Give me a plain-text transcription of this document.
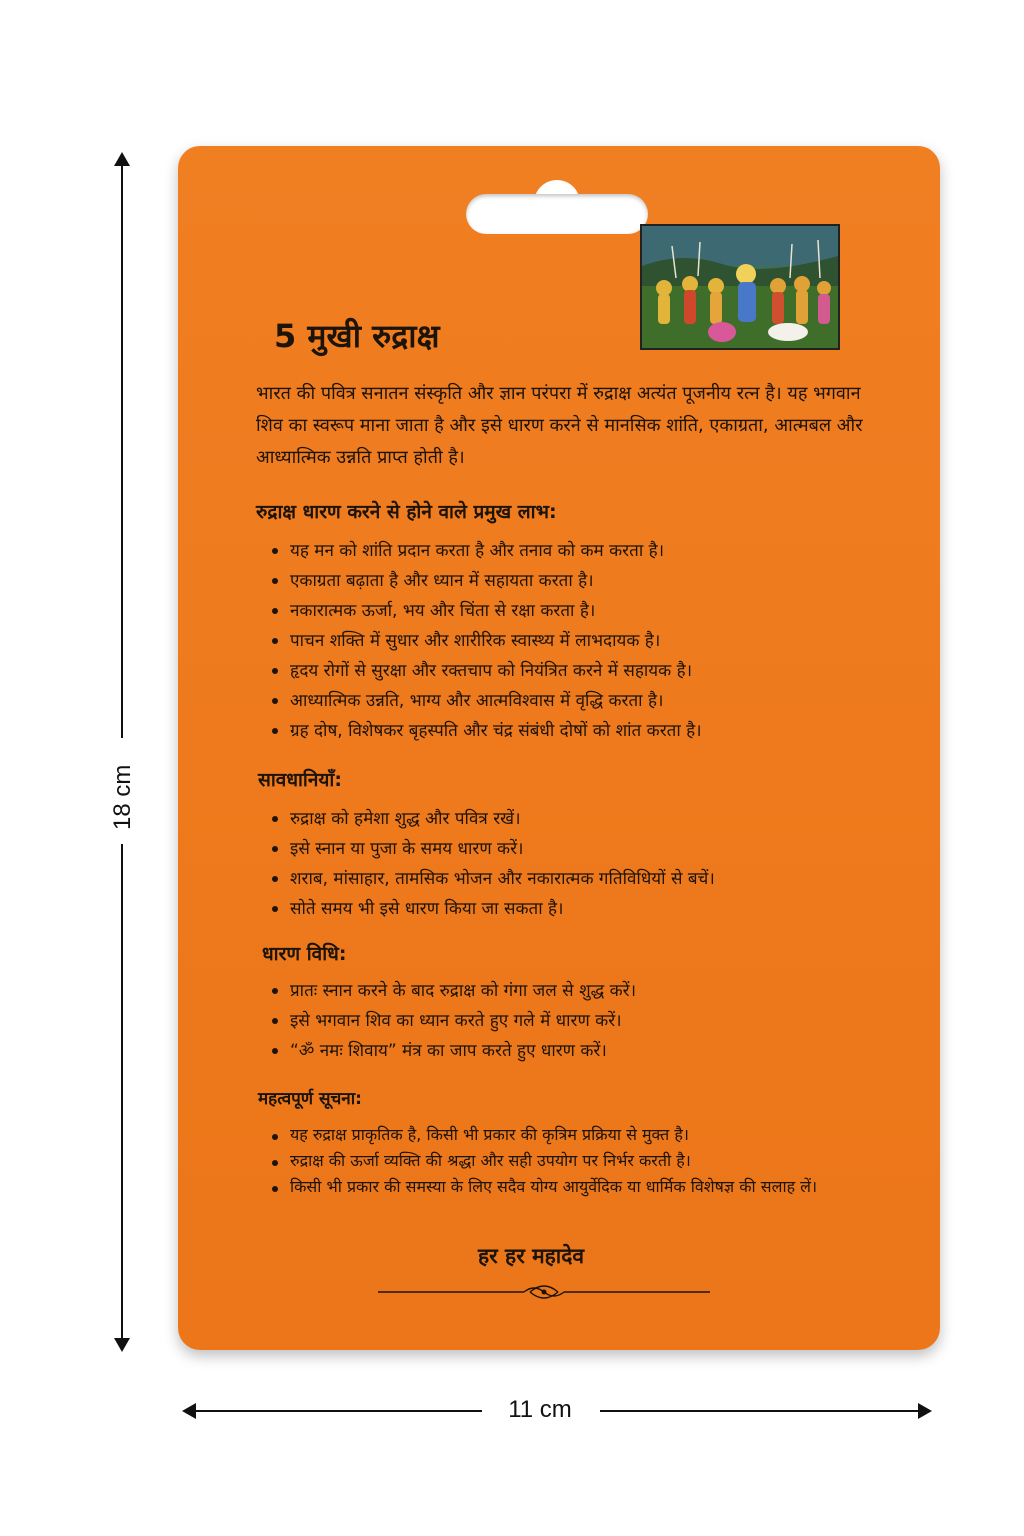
18 cm
11 cm
5 मुखी रुद्राक्ष
भारत की पवित्र सनातन संस्कृति और ज्ञान परंपरा में रुद्राक्ष अत्यंत पूजनीय रत्न है। यह भगवान शिव का स्वरूप माना जाता है और इसे धारण करने से मानसिक शांति, एकाग्रता, आत्मबल और आध्यात्मिक उन्नति प्राप्त होती है।
रुद्राक्ष धारण करने से होने वाले प्रमुख लाभ:
यह मन को शांति प्रदान करता है और तनाव को कम करता है।
एकाग्रता बढ़ाता है और ध्यान में सहायता करता है।
नकारात्मक ऊर्जा, भय और चिंता से रक्षा करता है।
पाचन शक्ति में सुधार और शारीरिक स्वास्थ्य में लाभदायक है।
हृदय रोगों से सुरक्षा और रक्तचाप को नियंत्रित करने में सहायक है।
आध्यात्मिक उन्नति, भाग्य और आत्मविश्वास में वृद्धि करता है।
ग्रह दोष, विशेषकर बृहस्पति और चंद्र संबंधी दोषों को शांत करता है।
सावधानियाँ:
रुद्राक्ष को हमेशा शुद्ध और पवित्र रखें।
इसे स्नान या पुजा के समय धारण करें।
शराब, मांसाहार, तामसिक भोजन और नकारात्मक गतिविधियों से बचें।
सोते समय भी इसे धारण किया जा सकता है।
धारण विधि:
प्रातः स्नान करने के बाद रुद्राक्ष को गंगा जल से शुद्ध करें।
इसे भगवान शिव का ध्यान करते हुए गले में धारण करें।
“ॐ नमः शिवाय” मंत्र का जाप करते हुए धारण करें।
महत्वपूर्ण सूचना:
यह रुद्राक्ष प्राकृतिक है, किसी भी प्रकार की कृत्रिम प्रक्रिया से मुक्त है।
रुद्राक्ष की ऊर्जा व्यक्ति की श्रद्धा और सही उपयोग पर निर्भर करती है।
किसी भी प्रकार की समस्या के लिए सदैव योग्य आयुर्वेदिक या धार्मिक विशेषज्ञ की सलाह लें।
हर हर महादेव
